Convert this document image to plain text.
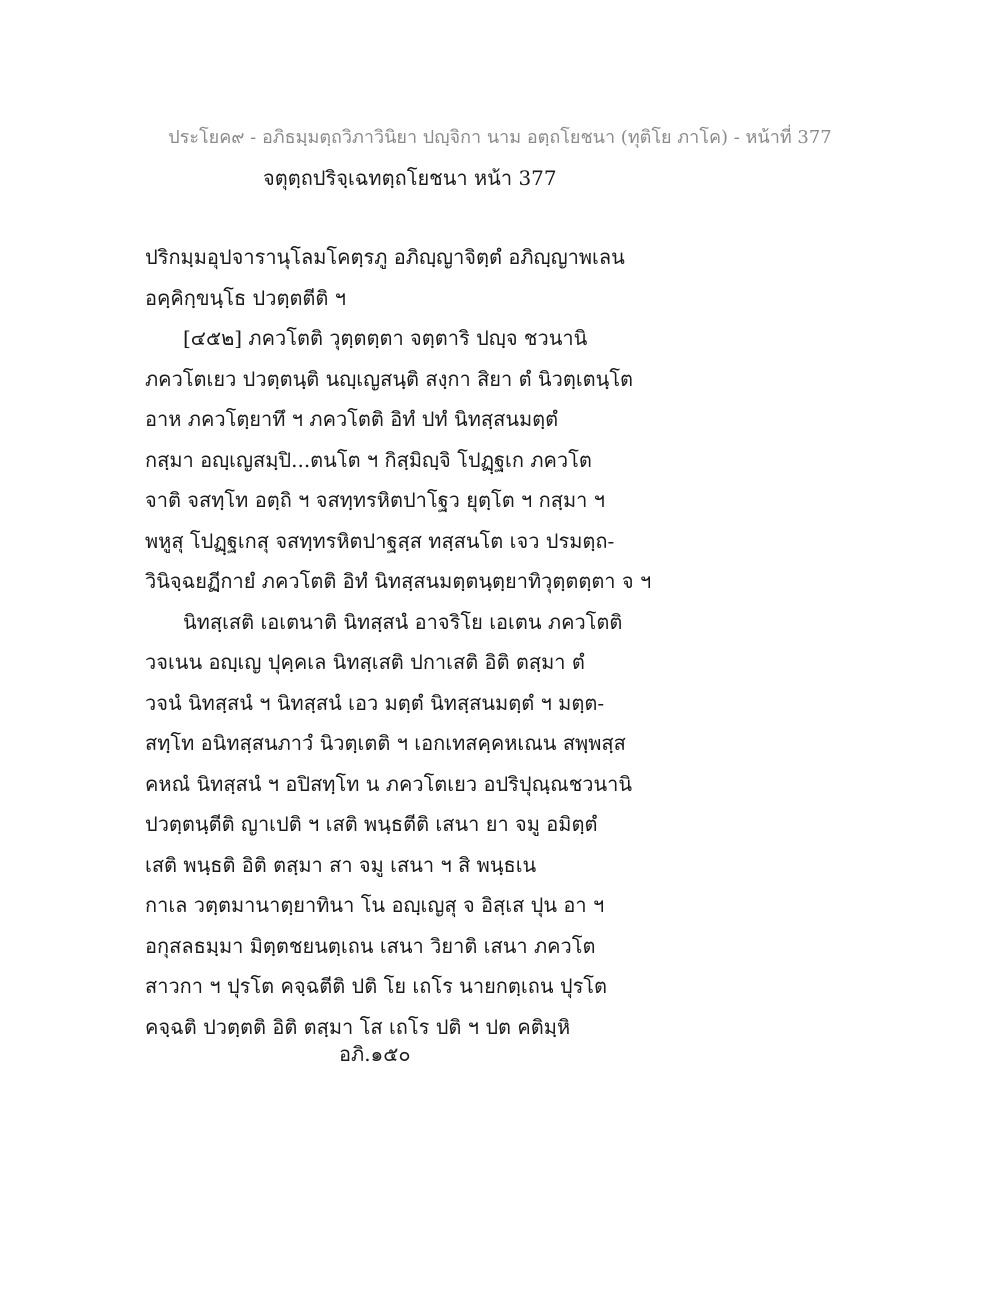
ประโยค๙ - อภิธมฺมตฺถวิภาวินิยา ปญฺจิกา นาม อตฺถโยชนา (ทุติโย ภาโค) - หน้าที่ 377
จตุตฺถปริจฺเฉทตฺถโยชนา หน้า 377
ปริกมฺมอุปจารานุโลมโคตฺรภู อภิญฺญาจิตฺตํ อภิญฺญาพเลน
อคฺคิกฺขนฺโธ ปวตฺตตีติ ฯ
[๔๕๒] ภควโตติ วุตฺตตฺตา จตฺตาริ ปญฺจ ชวนานิ
ภควโตเยว ปวตฺตนฺติ นญฺเญสนฺติ สงฺกา สิยา ตํ นิวตฺเตนฺโต
อาห ภควโตฺยาทึ ฯ ภควโตติ อิทํ ปทํ นิทสฺสนมตฺตํ
กสฺมา อญฺเญสมฺปิ...ตนโต ฯ กิสฺมิญฺจิ โปฏฺฐเก ภควโต
จาติ จสทฺโท อตฺถิ ฯ จสทฺทรหิตปาโฐว ยุตฺโต ฯ กสฺมา ฯ
พหูสุ โปฏฺฐเกสุ จสทฺทรหิตปาฐสฺส ทสฺสนโต เจว ปรมตฺถ-
วินิจฺฉยฏีกายํ ภควโตติ อิทํ นิทสฺสนมตฺตนฺตฺยาทิวุตฺตตฺตา จ ฯ
นิทสฺเสติ เอเตนาติ นิทสฺสนํ อาจริโย เอเตน ภควโตติ
วจเนน อญฺเญ ปุคฺคเล นิทสฺเสติ ปกาเสติ อิติ ตสฺมา ตํ
วจนํ นิทสฺสนํ ฯ นิทสฺสนํ เอว มตฺตํ นิทสฺสนมตฺตํ ฯ มตฺต-
สทฺโท อนิทสฺสนภาวํ นิวตฺเตติ ฯ เอกเทสคฺคหเณน สพฺพสฺส
คหณํ นิทสฺสนํ ฯ อปิสทฺโท น ภควโตเยว อปริปุณฺณชวนานิ
ปวตฺตนฺตีติ ญาเปติ ฯ เสติ พนฺธตีติ เสนา ยา จมู อมิตฺตํ
เสติ พนฺธติ อิติ ตสฺมา สา จมู เสนา ฯ สิ พนฺธเน
กาเล วตฺตมานาตฺยาทินา โน อญฺเญสุ จ อิสฺเส ปุน อา ฯ
อกุสลธมฺมา มิตฺตชยนตฺเถน เสนา วิยาติ เสนา ภควโต
สาวกา ฯ ปุรโต คจฺฉตีติ ปติ โย เถโร นายกตฺเถน ปุรโต
คจฺฉติ ปวตฺตติ อิติ ตสฺมา โส เถโร ปติ ฯ ปต คติมฺหิ
อภิ.๑๕๐
